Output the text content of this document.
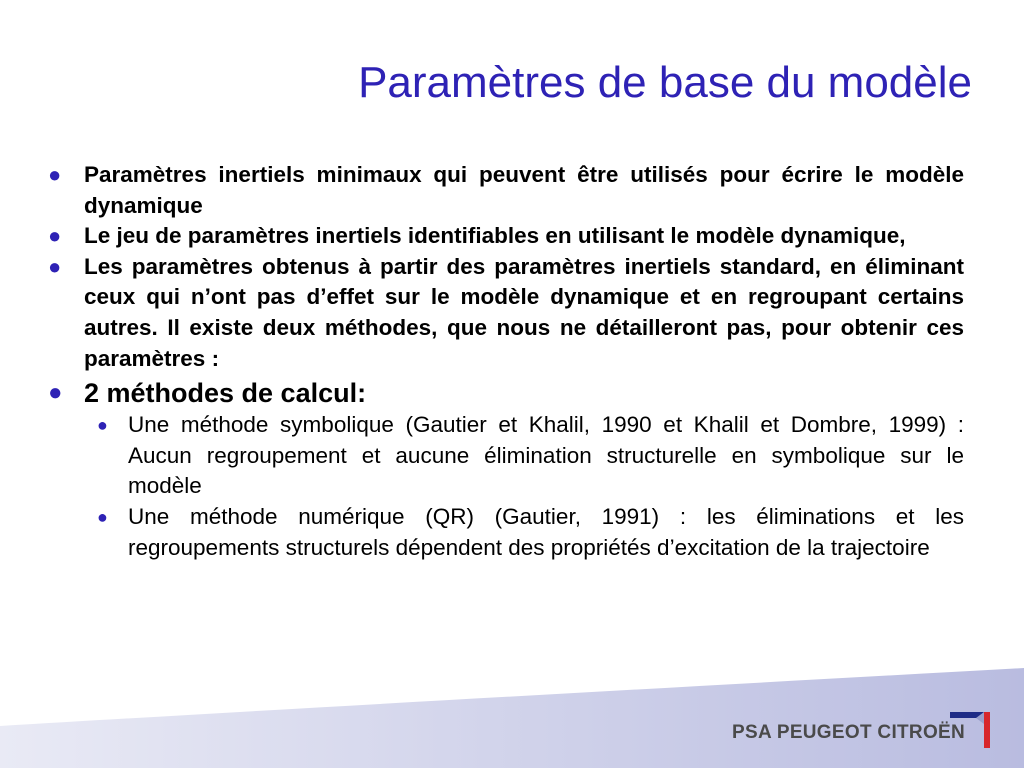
Paramètres de base du modèle
● Paramètres inertiels minimaux qui peuvent être utilisés pour écrire le modèle dynamique
● Le jeu de paramètres inertiels identifiables en utilisant le modèle dynamique,
● Les paramètres obtenus à partir des paramètres inertiels standard, en éliminant ceux qui n’ont pas d’effet sur le modèle dynamique et en regroupant certains autres. Il existe deux méthodes, que nous ne détailleront pas, pour obtenir ces paramètres :
● 2 méthodes de calcul:
● Une méthode symbolique (Gautier et Khalil, 1990 et Khalil et Dombre, 1999) : Aucun regroupement et aucune élimination structurelle en symbolique sur le modèle
● Une méthode numérique (QR) (Gautier, 1991) : les éliminations et les regroupements structurels dépendent des propriétés d’excitation de la trajectoire
PSA PEUGEOT CITROËN
